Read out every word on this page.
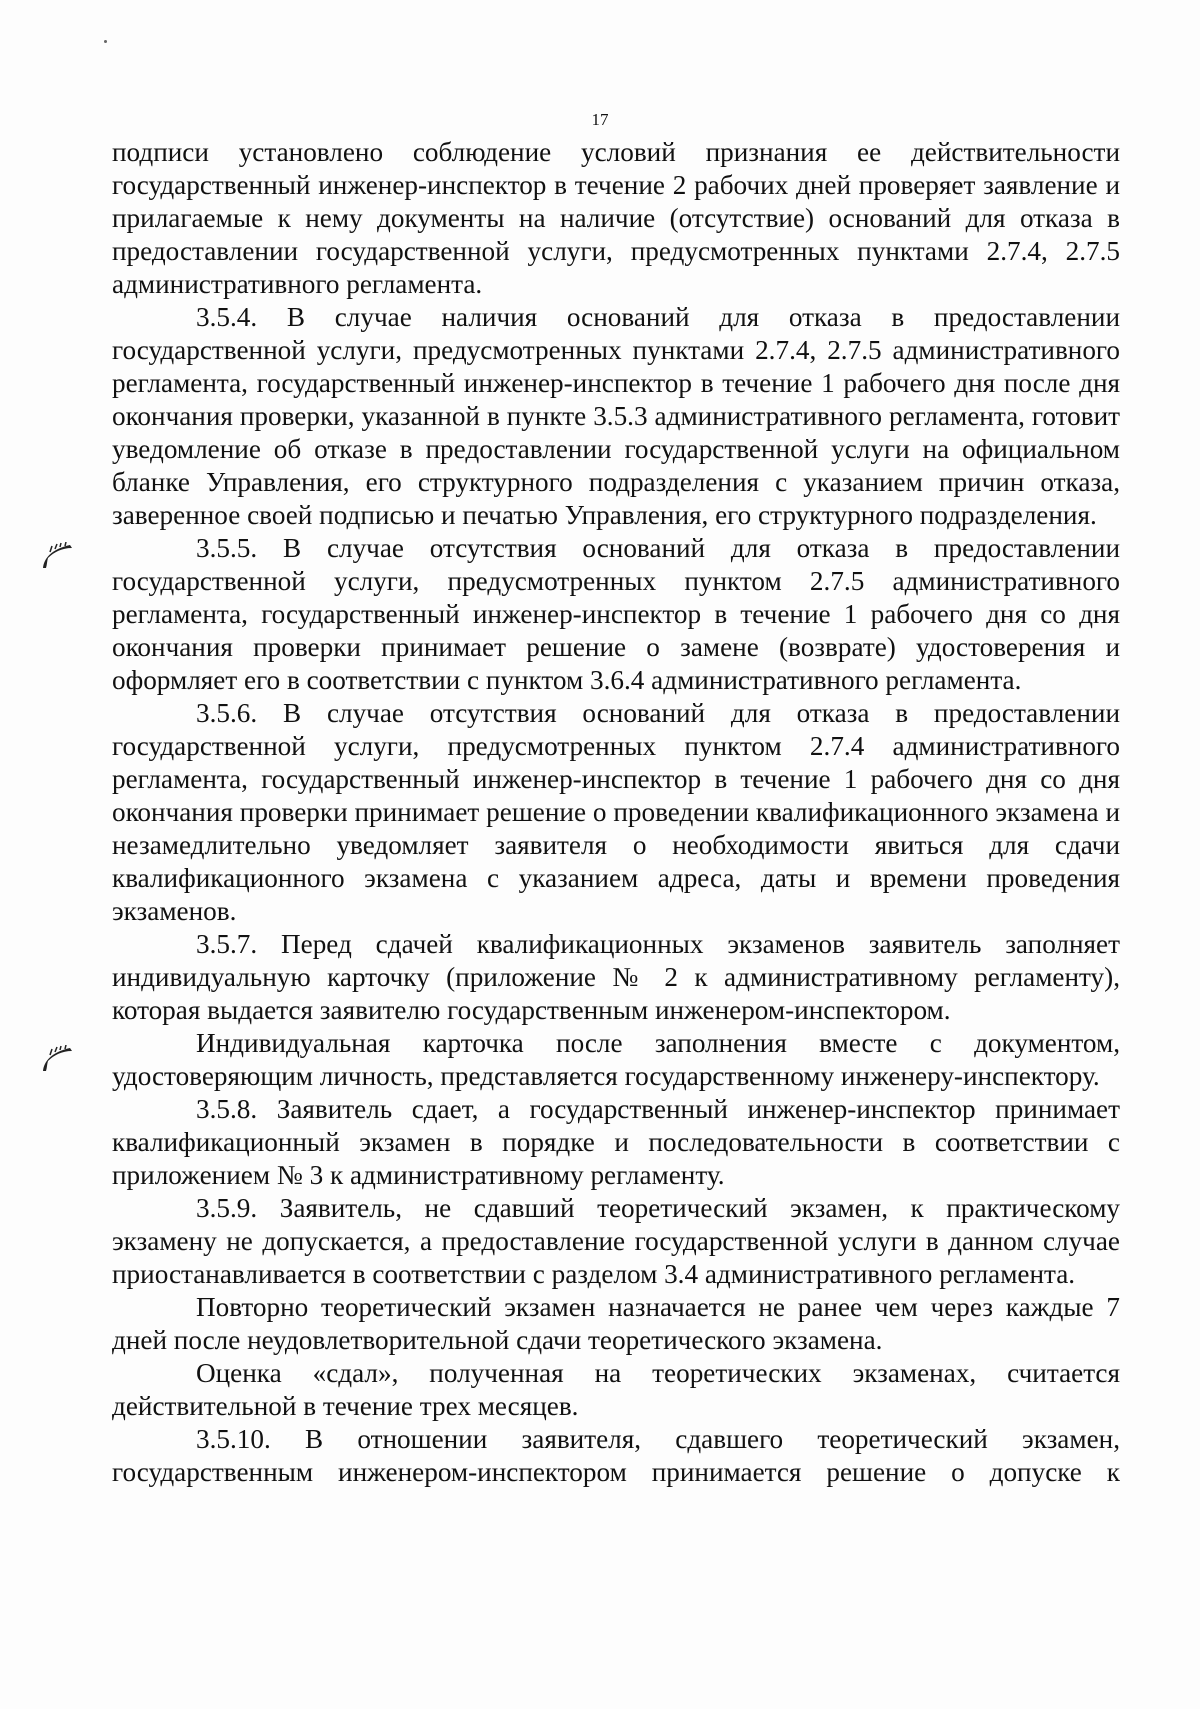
17

подписи установлено соблюдение условий признания ее действительности государственный инженер-инспектор в течение 2 рабочих дней проверяет заявление и прилагаемые к нему документы на наличие (отсутствие) оснований для отказа в предоставлении государственной услуги, предусмотренных пунктами 2.7.4, 2.7.5 административного регламента.

3.5.4. В случае наличия оснований для отказа в предоставлении государственной услуги, предусмотренных пунктами 2.7.4, 2.7.5 административного регламента, государственный инженер-инспектор в течение 1 рабочего дня после дня окончания проверки, указанной в пункте 3.5.3 административного регламента, готовит уведомление об отказе в предоставлении государственной услуги на официальном бланке Управления, его структурного подразделения с указанием причин отказа, заверенное своей подписью и печатью Управления, его структурного подразделения.

3.5.5. В случае отсутствия оснований для отказа в предоставлении государственной услуги, предусмотренных пунктом 2.7.5 административного регламента, государственный инженер-инспектор в течение 1 рабочего дня со дня окончания проверки принимает решение о замене (возврате) удостоверения и оформляет его в соответствии с пунктом 3.6.4 административного регламента.

3.5.6. В случае отсутствия оснований для отказа в предоставлении государственной услуги, предусмотренных пунктом 2.7.4 административного регламента, государственный инженер-инспектор в течение 1 рабочего дня со дня окончания проверки принимает решение о проведении квалификационного экзамена и незамедлительно уведомляет заявителя о необходимости явиться для сдачи квалификационного экзамена с указанием адреса, даты и времени проведения экзаменов.

3.5.7. Перед сдачей квалификационных экзаменов заявитель заполняет индивидуальную карточку (приложение № 2 к административному регламенту), которая выдается заявителю государственным инженером-инспектором.

Индивидуальная карточка после заполнения вместе с документом, удостоверяющим личность, представляется государственному инженеру-инспектору.

3.5.8. Заявитель сдает, а государственный инженер-инспектор принимает квалификационный экзамен в порядке и последовательности в соответствии с приложением № 3 к административному регламенту.

3.5.9. Заявитель, не сдавший теоретический экзамен, к практическому экзамену не допускается, а предоставление государственной услуги в данном случае приостанавливается в соответствии с разделом 3.4 административного регламента.

Повторно теоретический экзамен назначается не ранее чем через каждые 7 дней после неудовлетворительной сдачи теоретического экзамена.

Оценка «сдал», полученная на теоретических экзаменах, считается действительной в течение трех месяцев.

3.5.10. В отношении заявителя, сдавшего теоретический экзамен, государственным инженером-инспектором принимается решение о допуске к
